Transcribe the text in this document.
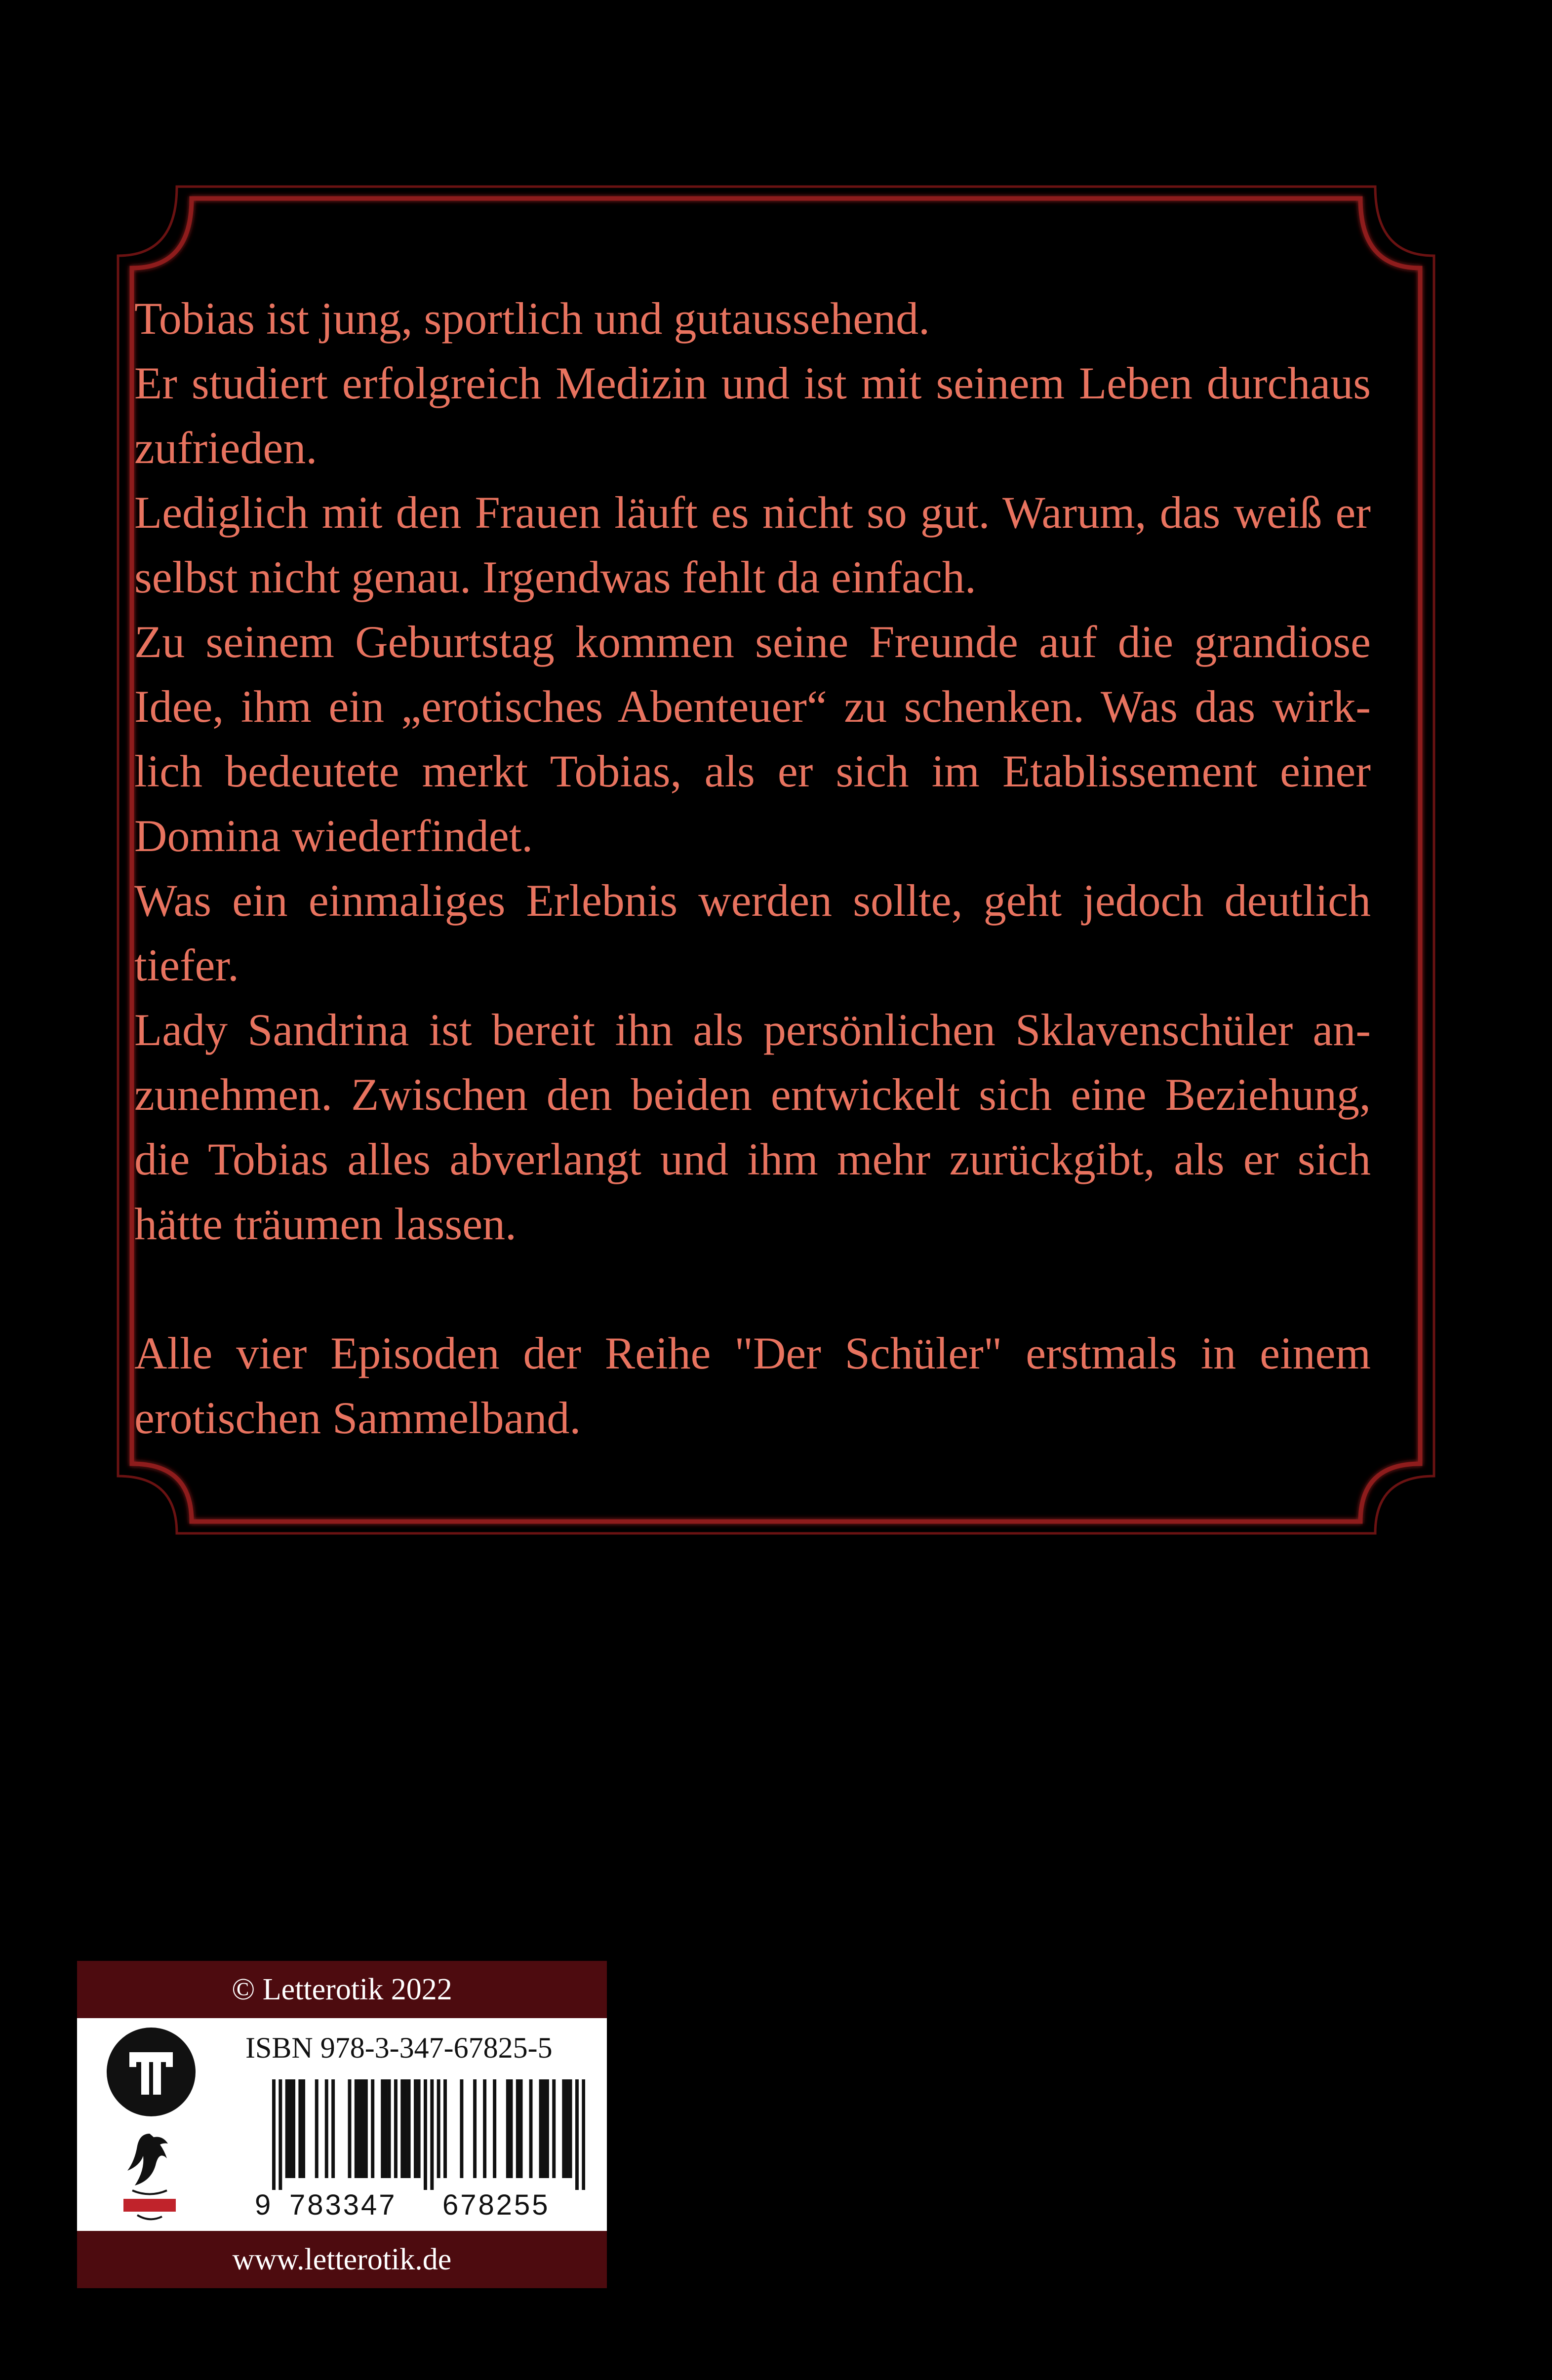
Tobias ist jung, sportlich und gutaussehend.

Er studiert erfolgreich Medizin und ist mit seinem Leben durchaus zufrieden.

Lediglich mit den Frauen läuft es nicht so gut. Warum, das weiß er selbst nicht genau. Irgendwas fehlt da einfach.

Zu seinem Geburtstag kommen seine Freunde auf die grandiose Idee, ihm ein „erotisches Abenteuer“ zu schenken. Was das wirklich bedeutete merkt Tobias, als er sich im Etablissement einer Domina wiederfindet.

Was ein einmaliges Erlebnis werden sollte, geht jedoch deutlich tiefer.

Lady Sandrina ist bereit ihn als persönlichen Sklavenschüler anzunehmen. Zwischen den beiden entwickelt sich eine Beziehung, die Tobias alles abverlangt und ihm mehr zurückgibt, als er sich hätte träumen lassen.

Alle vier Episoden der Reihe "Der Schüler" erstmals in einem erotischen Sammelband.

© Letterotik 2022
ISBN 978-3-347-67825-5
9 783347 678255
www.letterotik.de
